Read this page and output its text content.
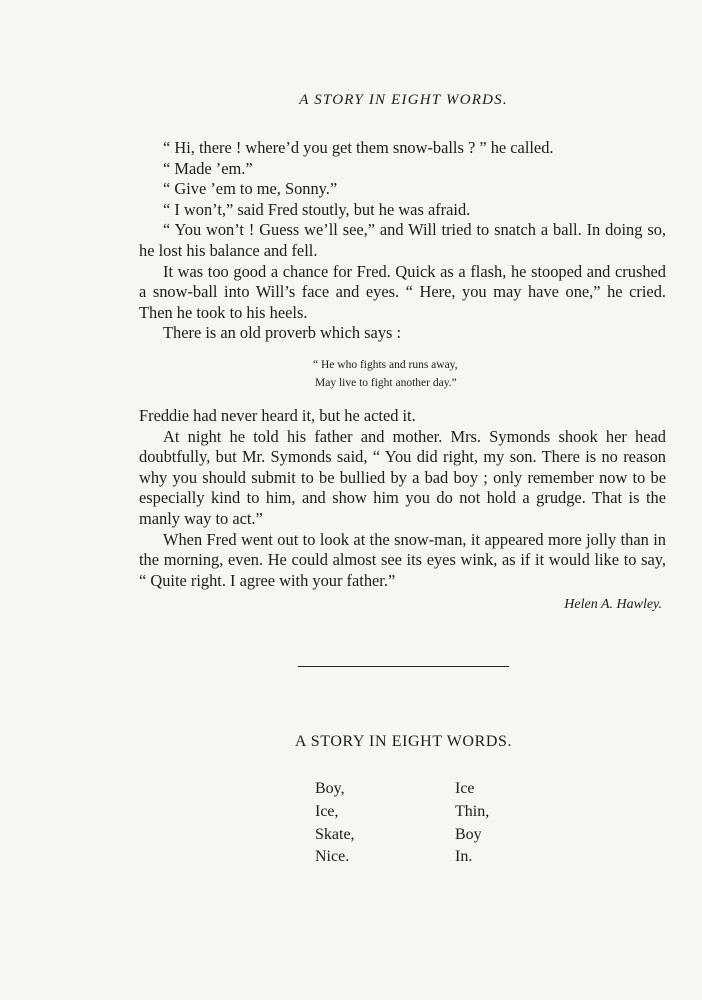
A STORY IN EIGHT WORDS.

“ Hi, there ! where’d you get them snow-balls ? ” he called.

“ Made ’em.”

“ Give ’em to me, Sonny.”

“ I won’t,” said Fred stoutly, but he was afraid.

“ You won’t ! Guess we’ll see,” and Will tried to snatch a ball. In doing so, he lost his balance and fell.

It was too good a chance for Fred. Quick as a flash, he stooped and crushed a snow-ball into Will’s face and eyes. “ Here, you may have one,” he cried. Then he took to his heels.

There is an old proverb which says :

“ He who fights and runs away,
May live to fight another day.”

Freddie had never heard it, but he acted it.

At night he told his father and mother. Mrs. Symonds shook her head doubtfully, but Mr. Symonds said, “ You did right, my son. There is no reason why you should submit to be bullied by a bad boy ; only remember now to be especially kind to him, and show him you do not hold a grudge. That is the manly way to act.”

When Fred went out to look at the snow-man, it appeared more jolly than in the morning, even. He could almost see its eyes wink, as if it would like to say, “ Quite right. I agree with your father.”

Helen A. Hawley.
A STORY IN EIGHT WORDS.
Boy,
Ice,
Skate,
Nice.
Ice
Thin,
Boy
In.
